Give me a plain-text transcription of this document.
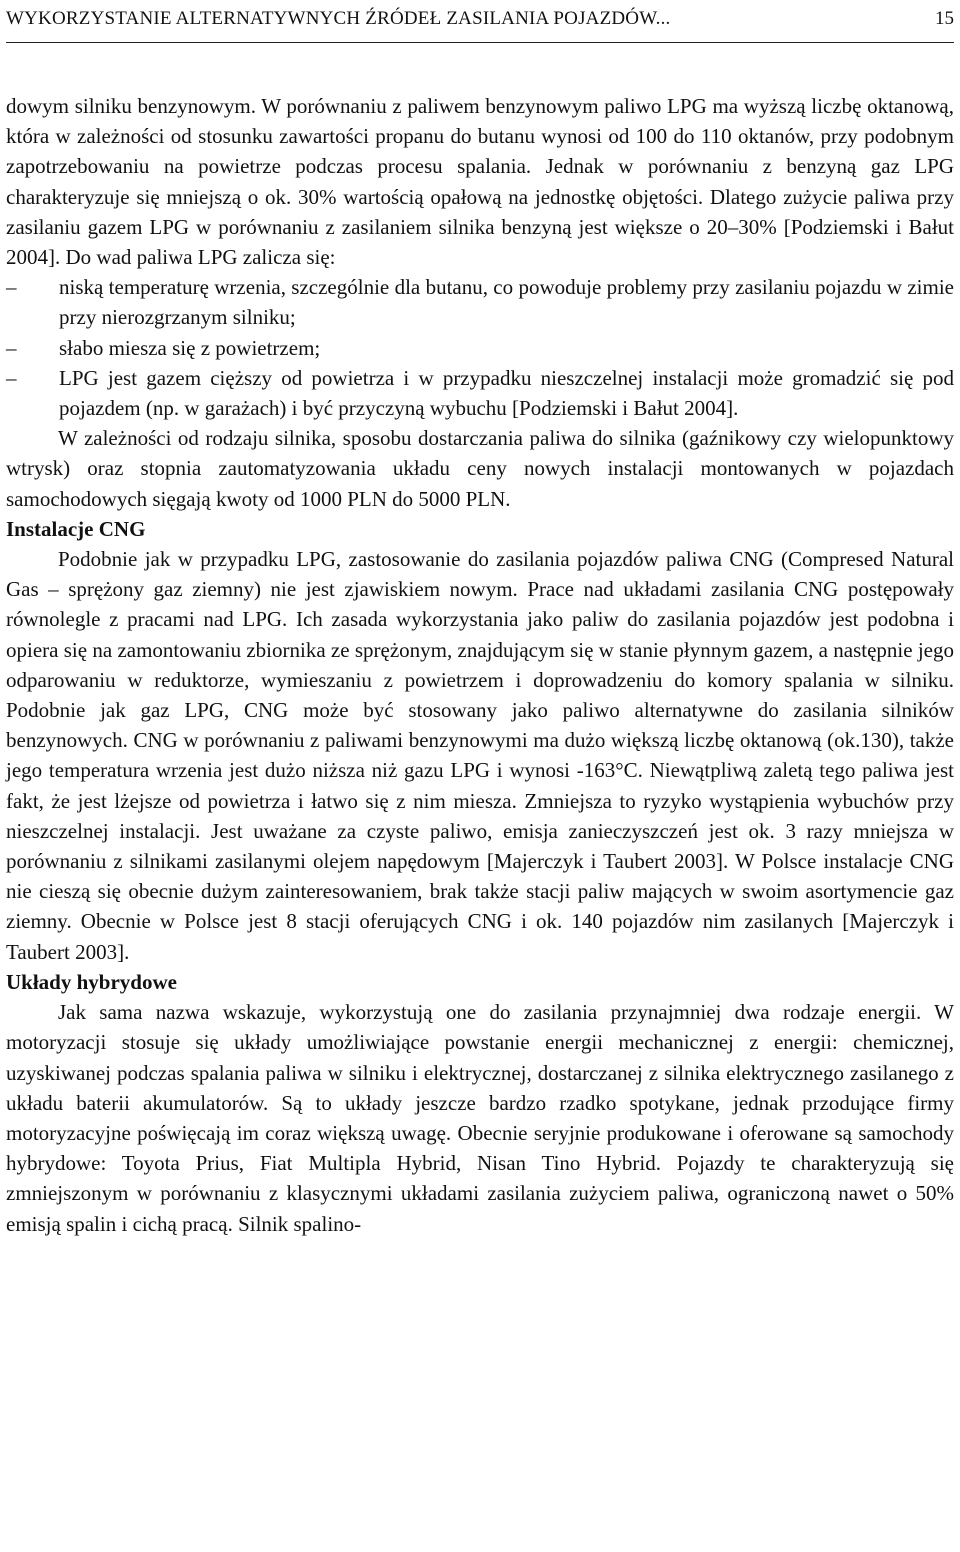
WYKORZYSTANIE ALTERNATYWNYCH ŹRÓDEŁ ZASILANIA POJAZDÓW...	15

dowym silniku benzynowym. W porównaniu z paliwem benzynowym paliwo LPG ma wyższą liczbę oktanową, która w zależności od stosunku zawartości propanu do butanu wynosi od 100 do 110 oktanów, przy podobnym zapotrzebowaniu na powietrze podczas procesu spalania. Jednak w porównaniu z benzyną gaz LPG charakteryzuje się mniejszą o ok. 30% wartością opałową na jednostkę objętości. Dlatego zużycie paliwa przy zasilaniu gazem LPG w porównaniu z zasilaniem silnika benzyną jest większe o 20–30% [Podziemski i Bałut 2004]. Do wad paliwa LPG zalicza się:

–	niską temperaturę wrzenia, szczególnie dla butanu, co powoduje problemy przy zasilaniu pojazdu w zimie przy nierozgrzanym silniku;
–	słabo miesza się z powietrzem;
–	LPG jest gazem cięższy od powietrza i w przypadku nieszczelnej instalacji może gromadzić się pod pojazdem (np. w garażach) i być przyczyną wybuchu [Podziemski i Bałut 2004].

W zależności od rodzaju silnika, sposobu dostarczania paliwa do silnika (gaźnikowy czy wielopunktowy wtrysk) oraz stopnia zautomatyzowania układu ceny nowych instalacji montowanych w pojazdach samochodowych sięgają kwoty od 1000 PLN do 5000 PLN.

Instalacje CNG

Podobnie jak w przypadku LPG, zastosowanie do zasilania pojazdów paliwa CNG (Compresed Natural Gas – sprężony gaz ziemny) nie jest zjawiskiem nowym. Prace nad układami zasilania CNG postępowały równolegle z pracami nad LPG. Ich zasada wykorzystania jako paliw do zasilania pojazdów jest podobna i opiera się na zamontowaniu zbiornika ze sprężonym, znajdującym się w stanie płynnym gazem, a następnie jego odparowaniu w reduktorze, wymieszaniu z powietrzem i doprowadzeniu do komory spalania w silniku. Podobnie jak gaz LPG, CNG może być stosowany jako paliwo alternatywne do zasilania silników benzynowych. CNG w porównaniu z paliwami benzynowymi ma dużo większą liczbę oktanową (ok.130), także jego temperatura wrzenia jest dużo niższa niż gazu LPG i wynosi -163°C. Niewątpliwą zaletą tego paliwa jest fakt, że jest lżejsze od powietrza i łatwo się z nim miesza. Zmniejsza to ryzyko wystąpienia wybuchów przy nieszczelnej instalacji. Jest uważane za czyste paliwo, emisja zanieczyszczeń jest ok. 3 razy mniejsza w porównaniu z silnikami zasilanymi olejem napędowym [Majerczyk i Taubert 2003]. W Polsce instalacje CNG nie cieszą się obecnie dużym zainteresowaniem, brak także stacji paliw mających w swoim asortymencie gaz ziemny. Obecnie w Polsce jest 8 stacji oferujących CNG i ok. 140 pojazdów nim zasilanych [Majerczyk i Taubert 2003].

Układy hybrydowe

Jak sama nazwa wskazuje, wykorzystują one do zasilania przynajmniej dwa rodzaje energii. W motoryzacji stosuje się układy umożliwiające powstanie energii mechanicznej z energii: chemicznej, uzyskiwanej podczas spalania paliwa w silniku i elektrycznej, dostarczanej z silnika elektrycznego zasilanego z układu baterii akumulatorów. Są to układy jeszcze bardzo rzadko spotykane, jednak przodujące firmy motoryzacyjne poświęcają im coraz większą uwagę. Obecnie seryjnie produkowane i oferowane są samochody hybrydowe: Toyota Prius, Fiat Multipla Hybrid, Nisan Tino Hybrid. Pojazdy te charakteryzują się zmniejszonym w porównaniu z klasycznymi układami zasilania zużyciem paliwa, ograniczoną nawet o 50% emisją spalin i cichą pracą. Silnik spalino-
